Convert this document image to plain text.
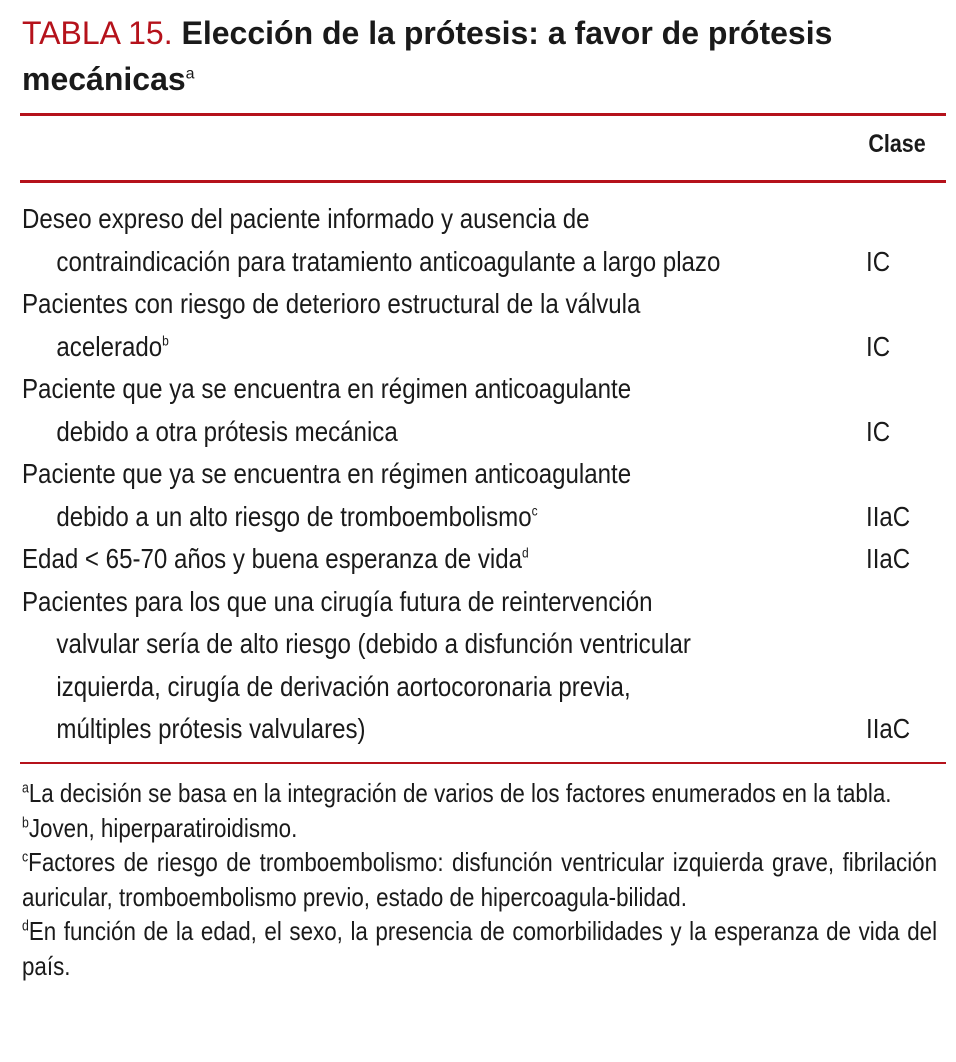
TABLA 15. Elección de la prótesis: a favor de prótesis mecánicas$^a$
Clase
Deseo expreso del paciente informado y ausencia de
contraindicación para tratamiento anticoagulante a largo plazo	IC
Pacientes con riesgo de deterioro estructural de la válvula
acelerado$^b$	IC
Paciente que ya se encuentra en régimen anticoagulante
debido a otra prótesis mecánica	IC
Paciente que ya se encuentra en régimen anticoagulante
debido a un alto riesgo de tromboembolismo$^c$	IIaC
Edad < 65-70 años y buena esperanza de vida$^d$	IIaC
Pacientes para los que una cirugía futura de reintervención
valvular sería de alto riesgo (debido a disfunción ventricular
izquierda, cirugía de derivación aortocoronaria previa,
múltiples prótesis valvulares)	IIaC
$^a$La decisión se basa en la integración de varios de los factores enumerados en la tabla.
$^b$Joven, hiperparatiroidismo.
$^c$Factores de riesgo de tromboembolismo: disfunción ventricular izquierda grave, fibrilación auricular, tromboembolismo previo, estado de hipercoagula-bilidad.
$^d$En función de la edad, el sexo, la presencia de comorbilidades y la esperanza de vida del país.
